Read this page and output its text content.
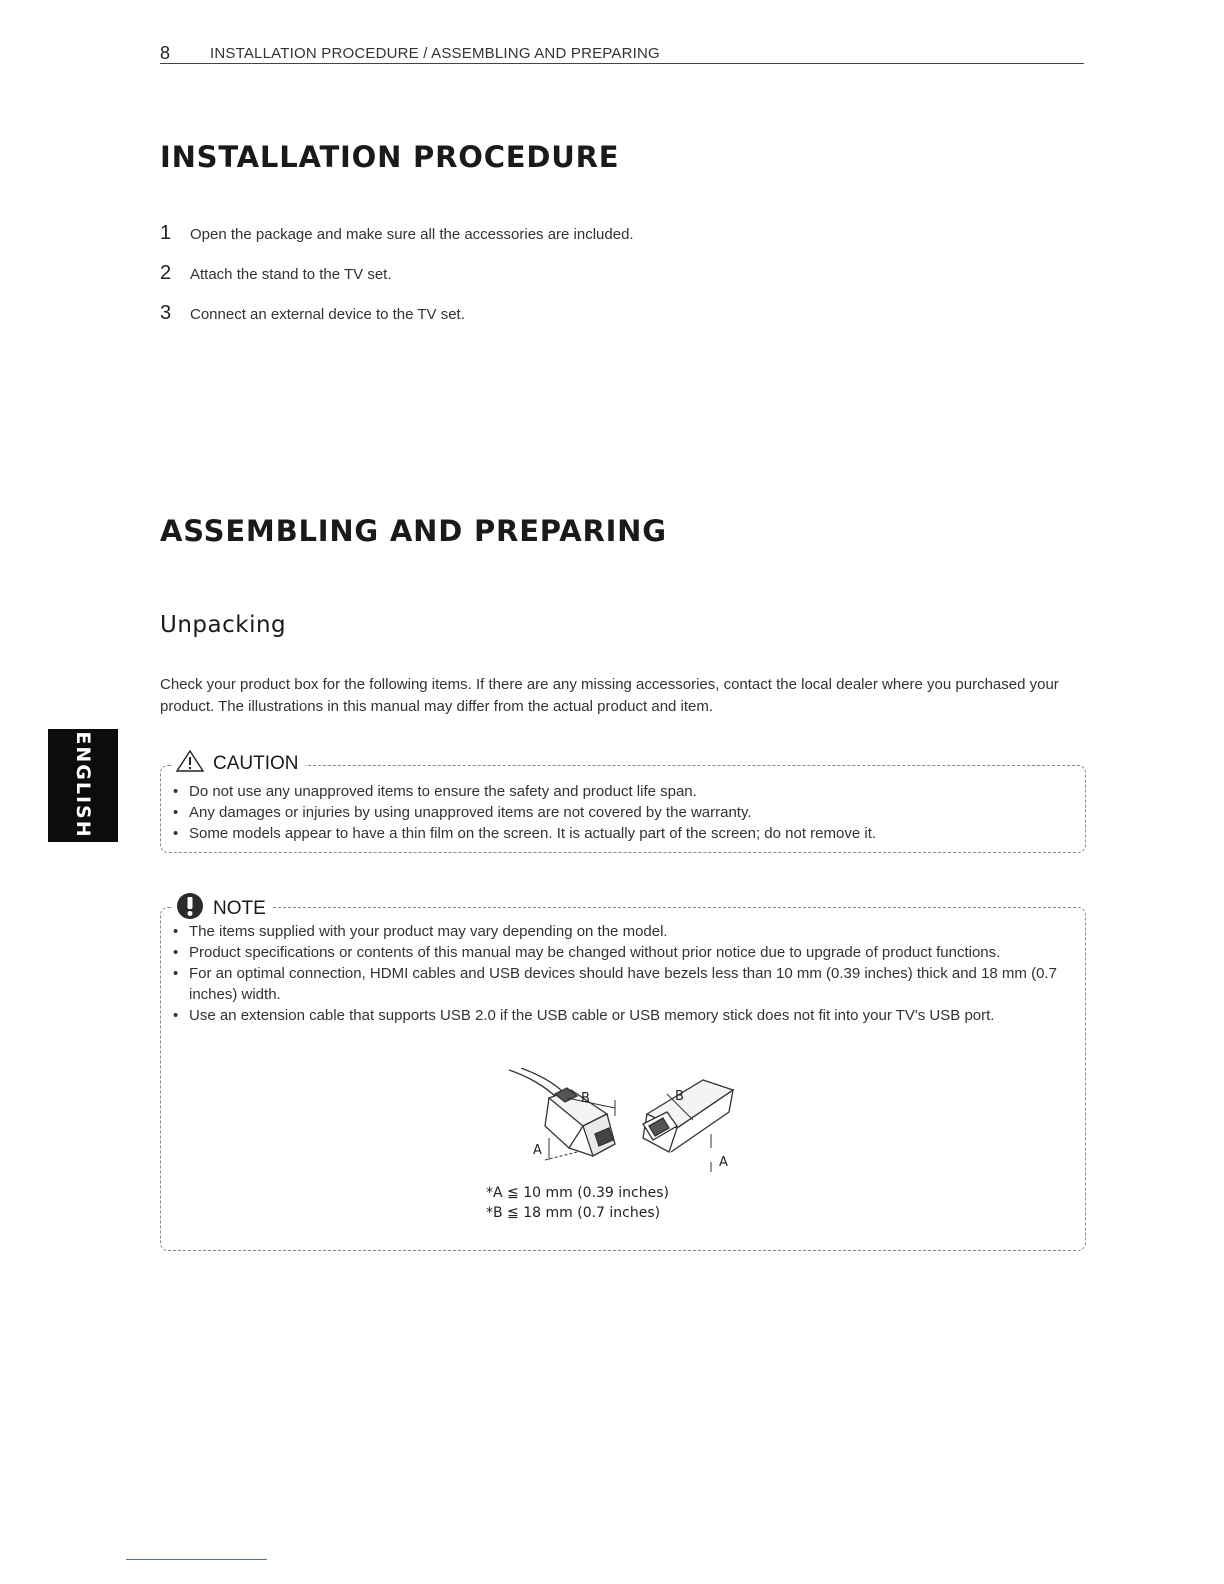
8	INSTALLATION PROCEDURE / ASSEMBLING AND PREPARING
ENGLISH
INSTALLATION PROCEDURE
1	Open the package and make sure all the accessories are included.
2	Attach the stand to the TV set.
3	Connect an external device to the TV set.
ASSEMBLING AND PREPARING
Unpacking

Check your product box for the following items. If there are any missing accessories, contact the local dealer where you purchased your product. The illustrations in this manual may differ from the actual product and item.

CAUTION
• Do not use any unapproved items to ensure the safety and product life span.
• Any damages or injuries by using unapproved items are not covered by the warranty.
• Some models appear to have a thin film on the screen. It is actually part of the screen; do not remove it.
NOTE
• The items supplied with your product may vary depending on the model.
• Product specifications or contents of this manual may be changed without prior notice due to upgrade of product functions.
• For an optimal connection, HDMI cables and USB devices should have bezels less than 10 mm (0.39 inches) thick and 18 mm (0.7 inches) width.
• Use an extension cable that supports USB 2.0 if the USB cable or USB memory stick does not fit into your TV's USB port.
B
A
B
A
*A ≦ 10 mm (0.39 inches)
*B ≦ 18 mm (0.7 inches)
